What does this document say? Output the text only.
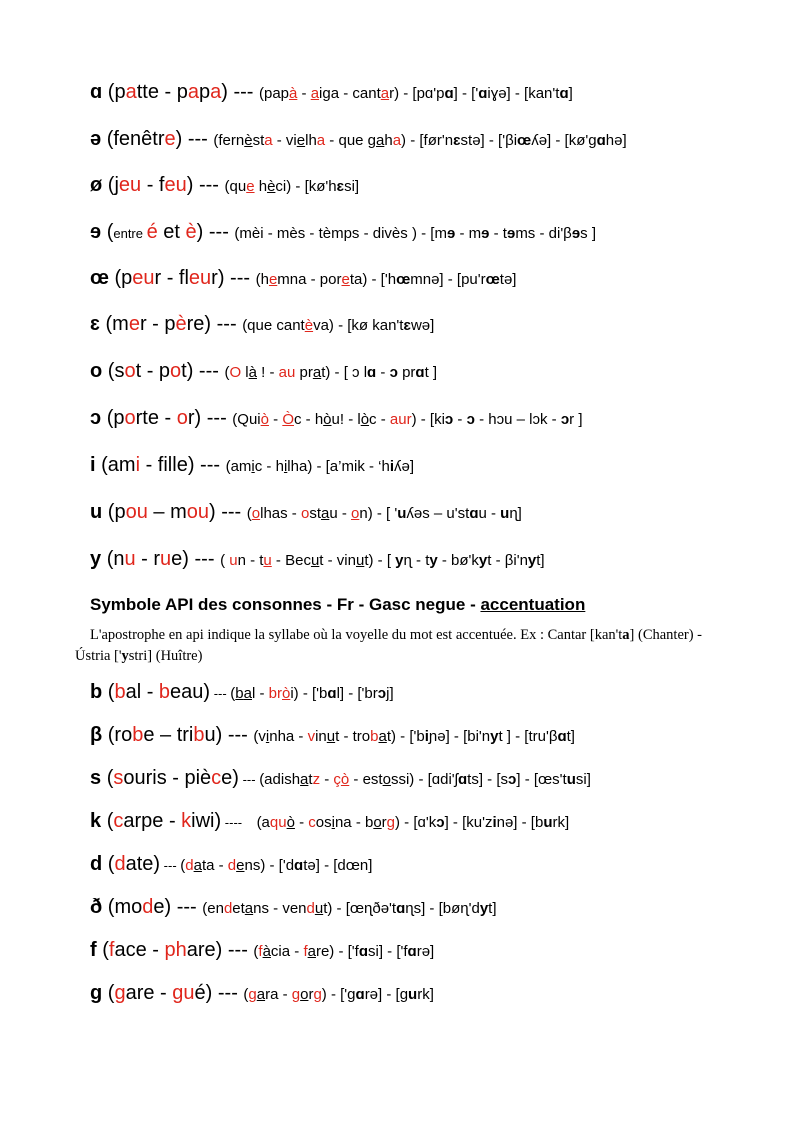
ɑ (patte - papa) --- (papà - aiga - cantar) - [pɑ'pɑ] - ['ɑiɣə] - [kan'tɑ]
ə (fenêtre) --- (fernèsta - vielha - que gaha) - [før'nɛstə] - ['βiœʎə] - [kø'gɑhə]
ø (jeu - feu) --- (que hèci) - [kø'hɛsi]
ɘ (entre é et è) --- (mèi - mès - tèmps - divès ) - [mɘ - mɘ - tɘms - di'βɘs ]
œ (peur - fleur) --- (hemna - poreta) - ['hœmnə] - [pu'rœtə]
ɛ (mer - père) --- (que cantèva) - [kø kan'tɛwə]
o (sot - pot) --- (O là ! - au prat) - [ ɔ lɑ - ɔ prɑt ]
ɔ (porte - or) --- (Quiò - Òc - hòu! - lòc - aur) - [kiɔ - ɔ - hɔu – lɔk - ɔr ]
i (ami - fille) --- (amic - hilha) - [a’mik - ‘hiʎə]
u (pou – mou) --- (olhas - ostau - on) - [ 'uʎəs – u'stɑu - uɳ]
y (nu - rue) --- ( un - tu - Becut - vinut) - [ yɳ - ty - bø'kyt - βi'nyt]
Symbole API des consonnes - Fr - Gasc negue - accentuation
L'apostrophe en api indique la syllabe où la voyelle du mot est accentuée. Ex : Cantar [kan'ta] (Chanter) - Ústria ['ystri] (Huître)
b (bal - beau) --- (bal - bròi) - ['bɑl] - ['brɔj]
β (robe – tribu) --- (vinha - vinut - trobat) - ['biɲə] - [bi'nyt ] - [tru'βɑt]
s (souris - pièce) --- (adishatz - çò - estossi) - [ɑdi'ʃɑts] - [sɔ] - [œs'tusi]
k (carpe - kiwi) ----    (aquò - cosina - borg) - [ɑ'kɔ] - [ku'zinə] - [burk]
d (date) --- (data - dens) - ['dɑtə] - [dœn]
ð (mode) --- (endetans - vendut) - [œɳðə'tɑɳs] - [bøɳ'dyt]
f (face - phare) --- (fàcia - fare) - ['fɑsi] - ['fɑrə]
g (gare - gué) --- (gara - gorg) - ['gɑrə] - [gurk]
